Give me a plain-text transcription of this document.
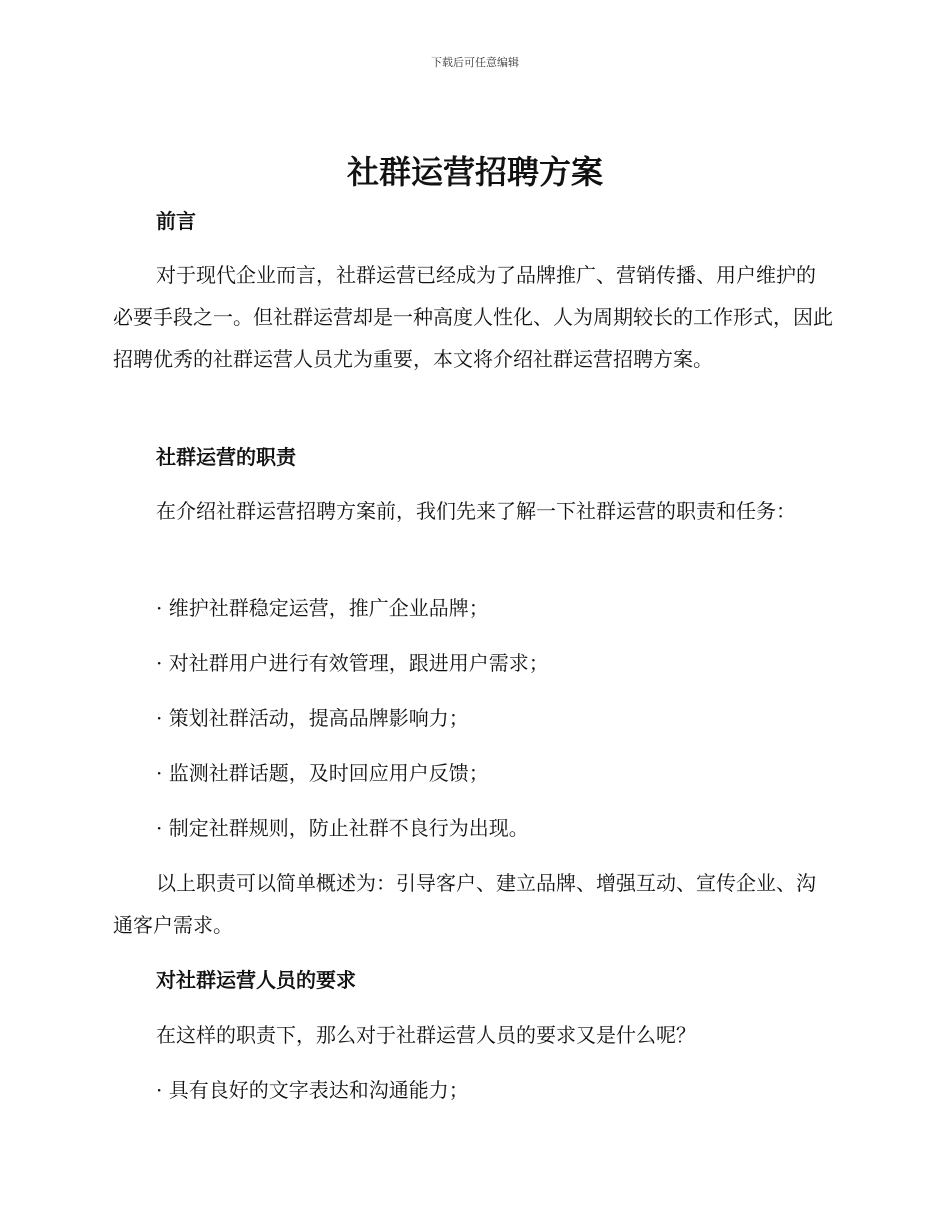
下载后可任意编辑
社群运营招聘方案
前言

对于现代企业而言，社群运营已经成为了品牌推广、营销传播、用户维护的必要手段之一。但社群运营却是一种高度人性化、人为周期较长的工作形式，因此招聘优秀的社群运营人员尤为重要，本文将介绍社群运营招聘方案。

社群运营的职责

在介绍社群运营招聘方案前，我们先来了解一下社群运营的职责和任务：

· 维护社群稳定运营，推广企业品牌；
· 对社群用户进行有效管理，跟进用户需求；
· 策划社群活动，提高品牌影响力；
· 监测社群话题，及时回应用户反馈；
· 制定社群规则，防止社群不良行为出现。

以上职责可以简单概述为：引导客户、建立品牌、增强互动、宣传企业、沟通客户需求。

对社群运营人员的要求

在这样的职责下，那么对于社群运营人员的要求又是什么呢？

· 具有良好的文字表达和沟通能力；
